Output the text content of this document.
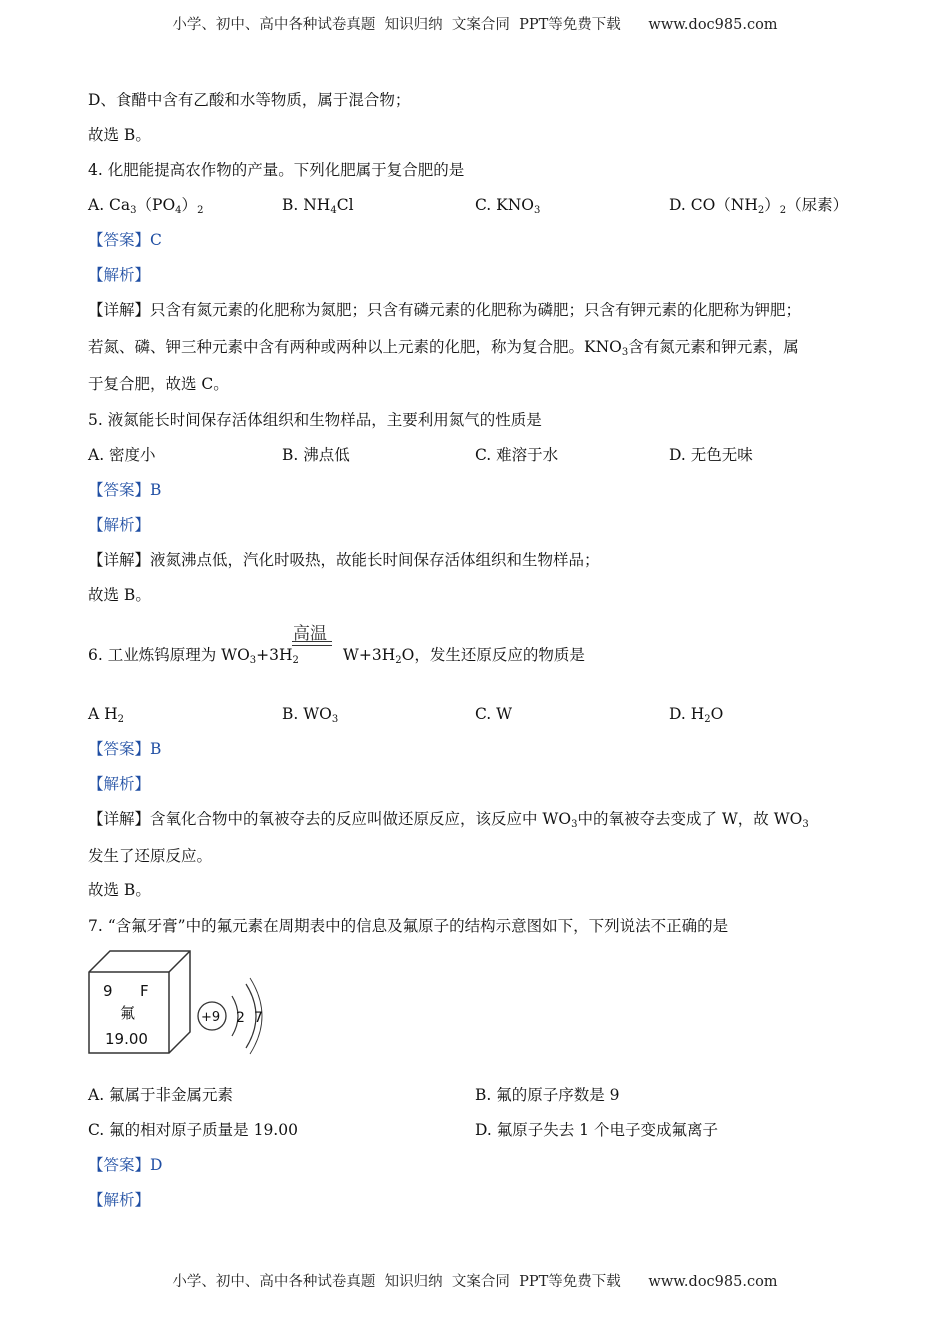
小学、初中、高中各种试卷真题  知识归纳  文案合同  PPT等免费下载      www.doc985.com
D、食醋中含有乙酸和水等物质，属于混合物；
故选 B。
4. 化肥能提高农作物的产量。下列化肥属于复合肥的是
A. $Ca_3(PO_4)_2$	B. $NH_4Cl$	C. $KNO_3$	D. $CO(NH_2)_2$（尿素）
【答案】C
【解析】
【详解】只含有氮元素的化肥称为氮肥；只含有磷元素的化肥称为磷肥；只含有钾元素的化肥称为钾肥；
若氮、磷、钾三种元素中含有两种或两种以上元素的化肥，称为复合肥。$KNO_3$含有氮元素和钾元素，属
于复合肥，故选 C。
5. 液氮能长时间保存活体组织和生物样品，主要利用氮气的性质是
A. 密度小	B. 沸点低	C. 难溶于水	D. 无色无味
【答案】B
【解析】
【详解】液氮沸点低，汽化时吸热，故能长时间保存活体组织和生物样品；
故选 B。
高温
6. 工业炼钨原理为 $WO_3+3H_2$	$W+3H_2O$，发生还原反应的物质是
A $H_2$	B. $WO_3$	C. W	D. $H_2O$
【答案】B
【解析】
【详解】含氧化合物中的氧被夺去的反应叫做还原反应，该反应中 $WO_3$中的氧被夺去变成了 W，故 $WO_3$
发生了还原反应。
故选 B。
7. “含氟牙膏”中的氟元素在周期表中的信息及氟原子的结构示意图如下，下列说法不正确的是
9 F
氟
19.00
+9 2 7
A. 氟属于非金属元素	B. 氟的原子序数是 9
C. 氟的相对原子质量是 19.00	D. 氟原子失去 1 个电子变成氟离子
【答案】D
【解析】
小学、初中、高中各种试卷真题  知识归纳  文案合同  PPT等免费下载      www.doc985.com
